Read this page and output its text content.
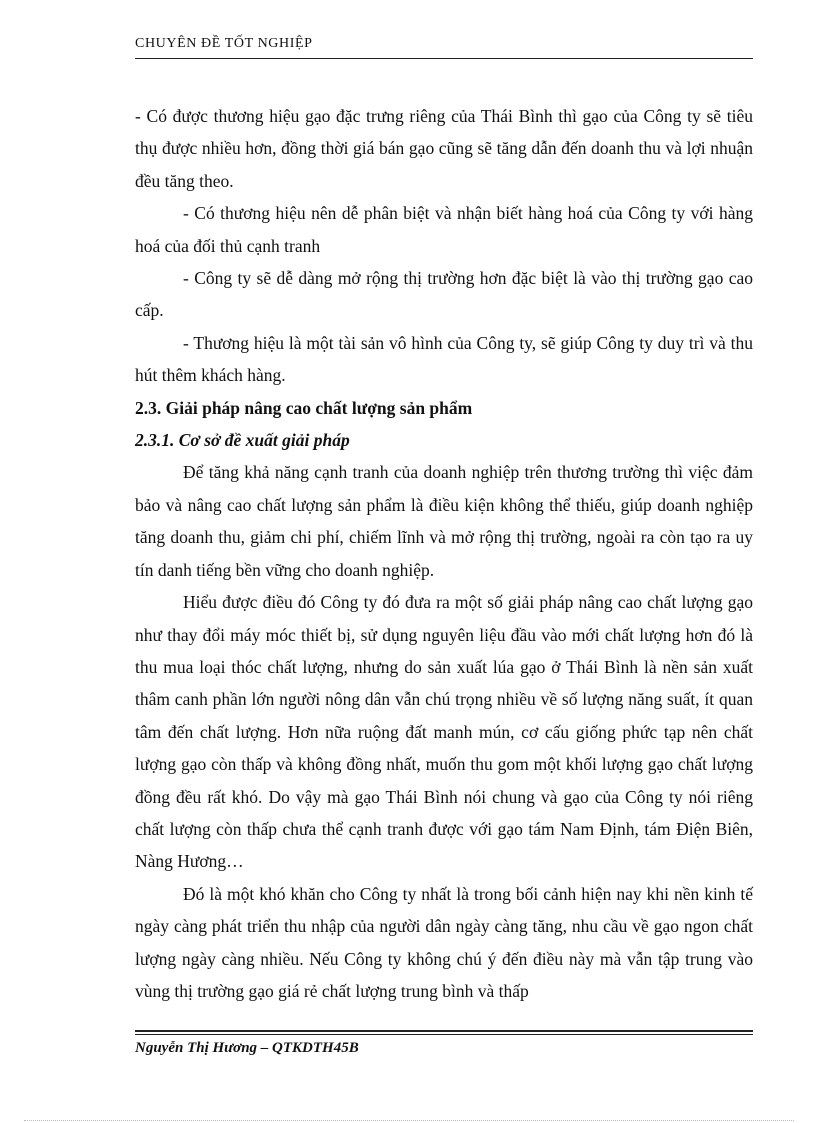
CHUYÊN ĐỀ TỐT NGHIỆP

- Có được thương hiệu gạo đặc trưng riêng của Thái Bình thì gạo của Công ty sẽ tiêu thụ được nhiều hơn, đồng thời giá bán gạo cũng sẽ tăng dẫn đến doanh thu và lợi nhuận đều tăng theo.

- Có thương hiệu nên dễ phân biệt và nhận biết hàng hoá của Công ty với hàng hoá của đối thủ cạnh tranh

- Công ty sẽ dễ dàng mở rộng thị trường hơn đặc biệt là vào thị trường gạo cao cấp.

- Thương hiệu là một tài sản vô hình của Công ty, sẽ giúp Công ty duy trì và thu hút thêm khách hàng.

2.3. Giải pháp nâng cao chất lượng sản phẩm

2.3.1. Cơ sở đề xuất giải pháp

Để tăng khả năng cạnh tranh của doanh nghiệp trên thương trường thì việc đảm bảo và nâng cao chất lượng sản phẩm là điều kiện không thể thiếu, giúp doanh nghiệp tăng doanh thu, giảm chi phí, chiếm lĩnh và mở rộng thị trường, ngoài ra còn tạo ra uy tín danh tiếng bền vững cho doanh nghiệp.

Hiểu được điều đó Công ty đó đưa ra một số giải pháp nâng cao chất lượng gạo như thay đổi máy móc thiết bị, sử dụng nguyên liệu đầu vào mới chất lượng hơn đó là thu mua loại thóc chất lượng, nhưng do sản xuất lúa gạo ở Thái Bình là nền sản xuất thâm canh phần lớn người nông dân vẫn chú trọng nhiều về số lượng năng suất, ít quan tâm đến chất lượng. Hơn nữa ruộng đất manh mún, cơ cấu giống phức tạp nên chất lượng gạo còn thấp và không đồng nhất, muốn thu gom một khối lượng gạo chất lượng đồng đều rất khó. Do vậy mà gạo Thái Bình nói chung và gạo của Công ty nói riêng chất lượng còn thấp chưa thể cạnh tranh được với gạo tám Nam Định, tám Điện Biên, Nàng Hương…

Đó là một khó khăn cho Công ty nhất là trong bối cảnh hiện nay khi nền kinh tế ngày càng phát triển thu nhập của người dân ngày càng tăng, nhu cầu về gạo ngon chất lượng ngày càng nhiều. Nếu Công ty không chú ý đến điều này mà vẫn tập trung vào vùng thị trường gạo giá rẻ chất lượng trung bình và thấp

Nguyễn Thị Hương – QTKDTH45B
